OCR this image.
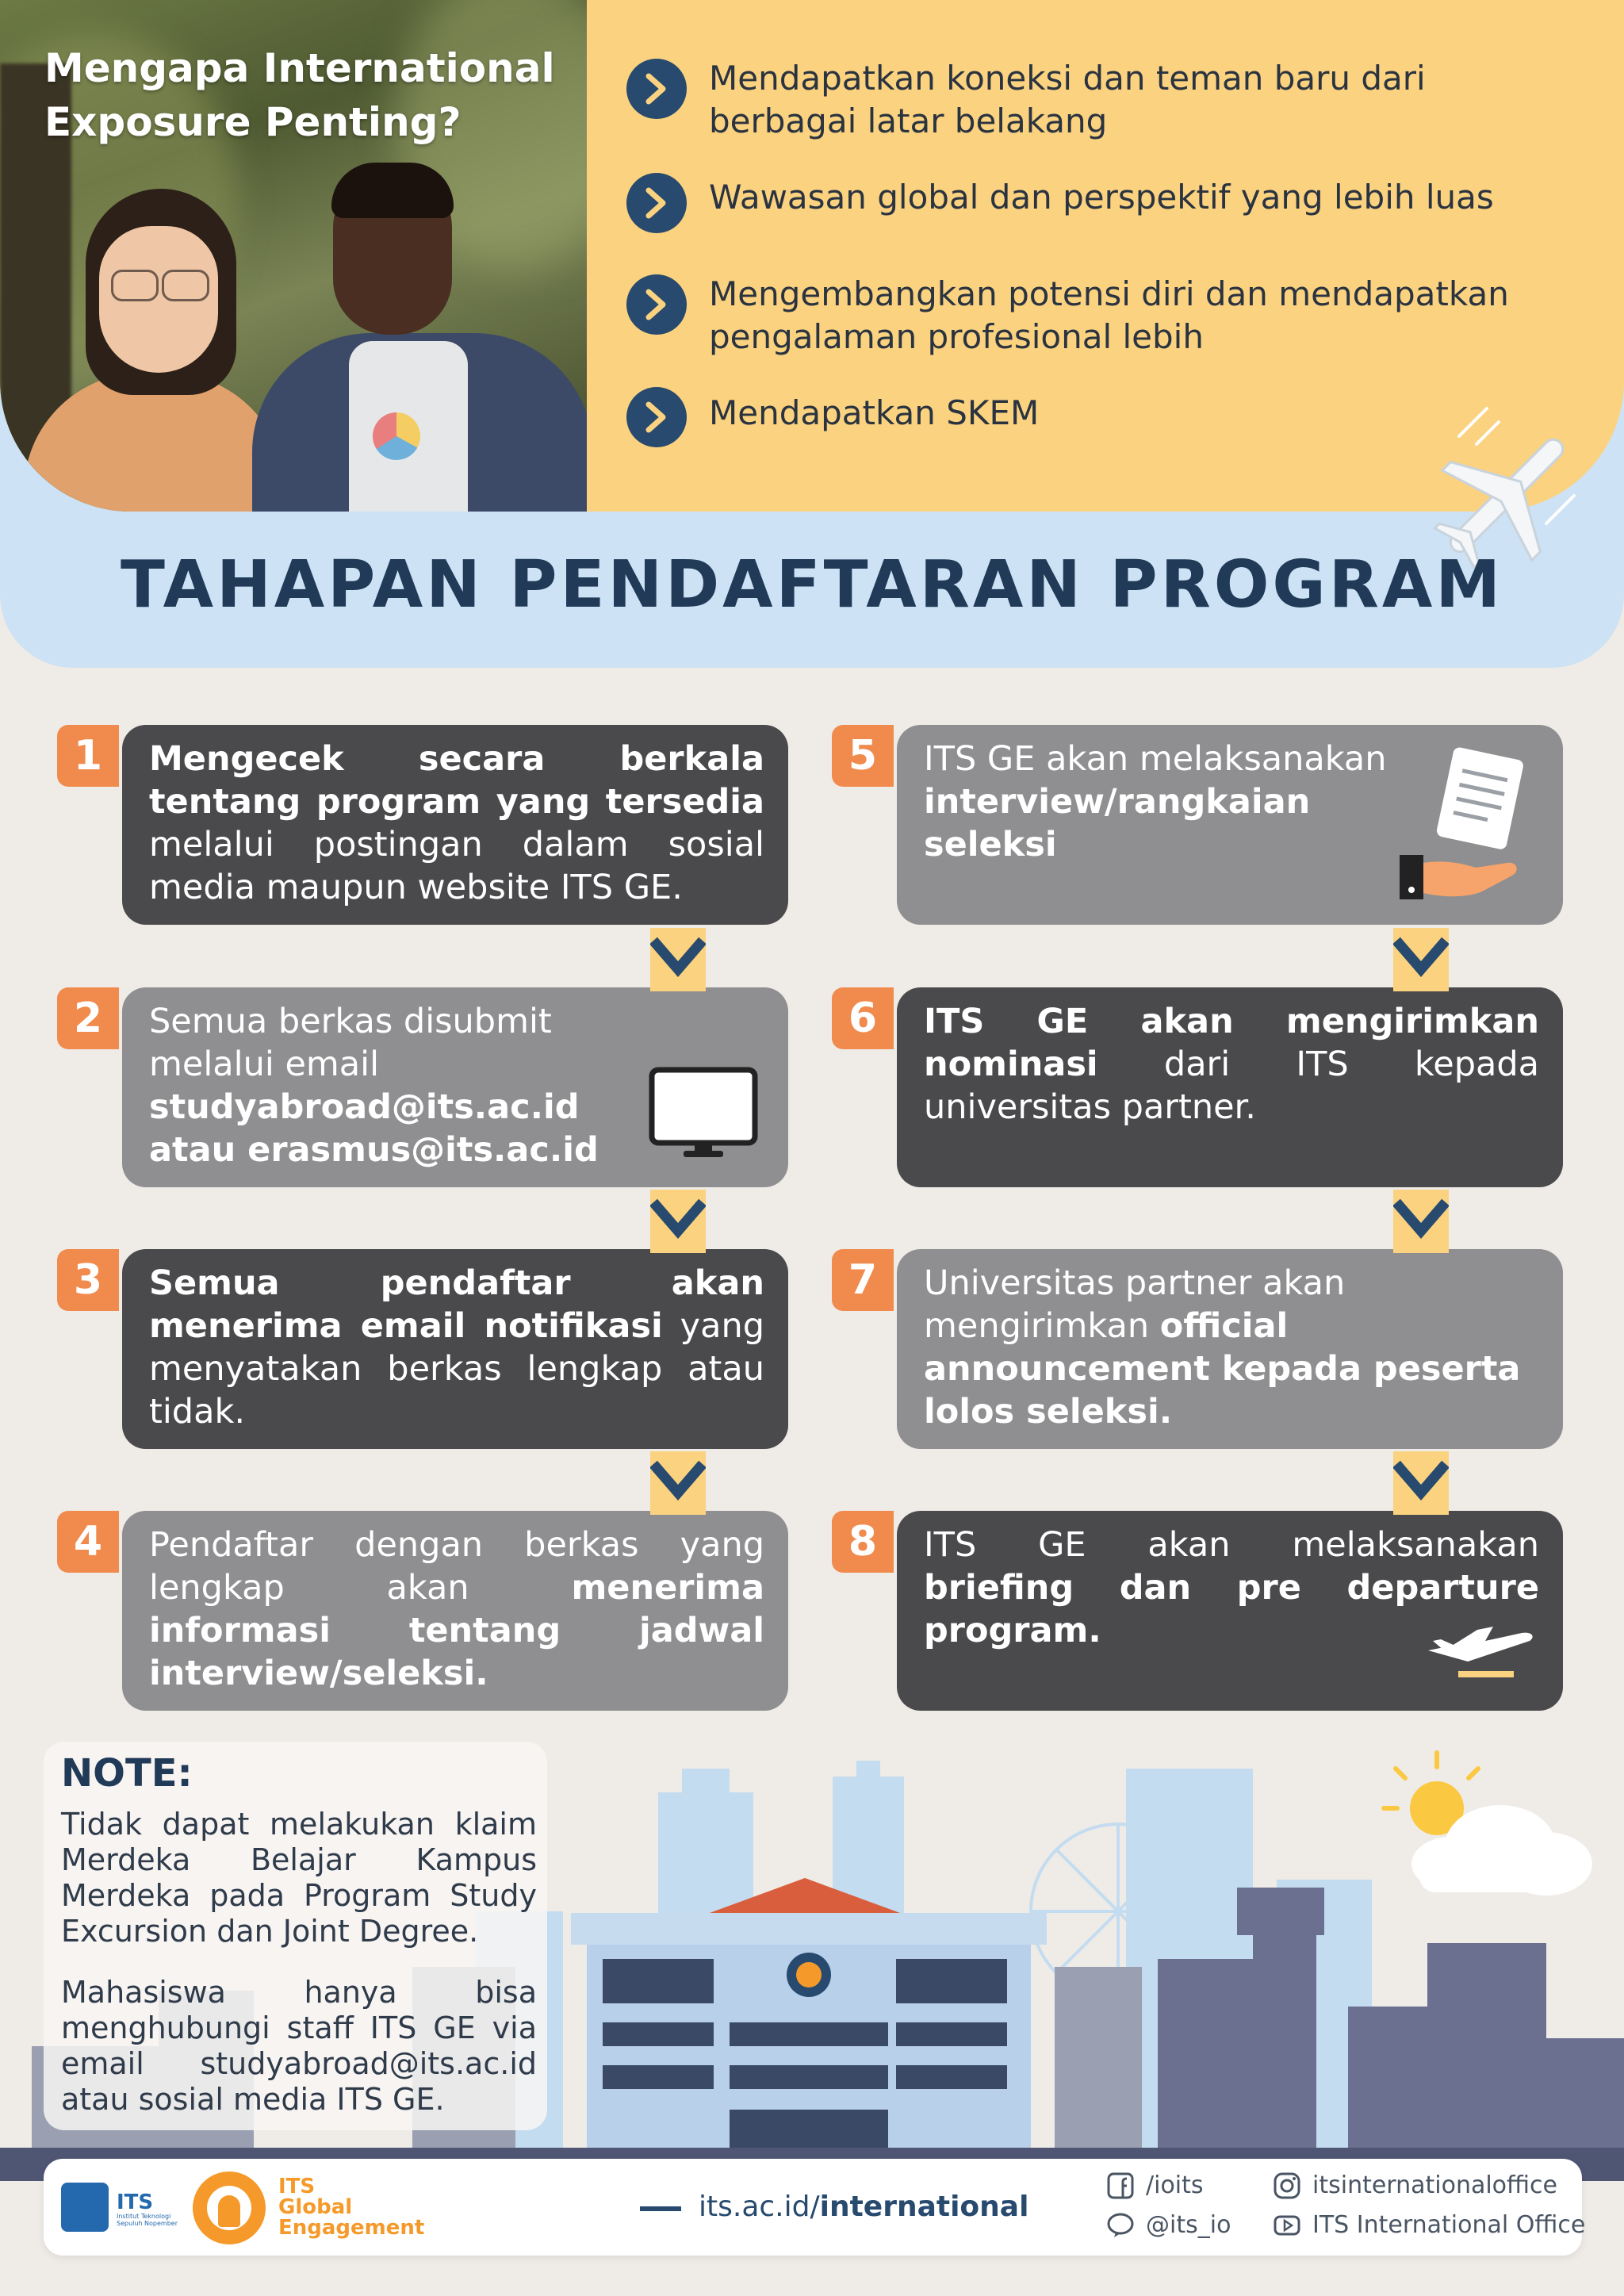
Mengapa International
Exposure Penting?
Mendapatkan koneksi dan teman baru dari berbagai latar belakang
Wawasan global dan perspektif yang lebih luas
Mengembangkan potensi diri dan mendapatkan pengalaman profesional lebih
Mendapatkan SKEM
TAHAPAN PENDAFTARAN PROGRAM
1	Mengecek secara berkala tentang program yang tersedia melalui postingan dalam sosial media maupun website ITS GE.
2	Semua berkas disubmit melalui email studyabroad@its.ac.id atau erasmus@its.ac.id
3	Semua pendaftar akan menerima email notifikasi yang menyatakan berkas lengkap atau tidak.
4	Pendaftar dengan berkas yang lengkap akan menerima informasi tentang jadwal interview/seleksi.
5	ITS GE akan melaksanakan interview/rangkaian seleksi
6	ITS GE akan mengirimkan nominasi dari ITS kepada universitas partner.
7	Universitas partner akan mengirimkan official announcement kepada peserta lolos seleksi.
8	ITS GE akan melaksanakan briefing dan pre departure program.
NOTE:
Tidak dapat melakukan klaim Merdeka Belajar Kampus Merdeka pada Program Study Excursion dan Joint Degree.
Mahasiswa hanya bisa menghubungi staff ITS GE via email studyabroad@its.ac.id atau sosial media ITS GE.
ITS
Institut Teknologi Sepuluh Nopember
ITS
Global
Engagement
its.ac.id/international
/ioits
@its_io
itsinternationaloffice
ITS International Office
